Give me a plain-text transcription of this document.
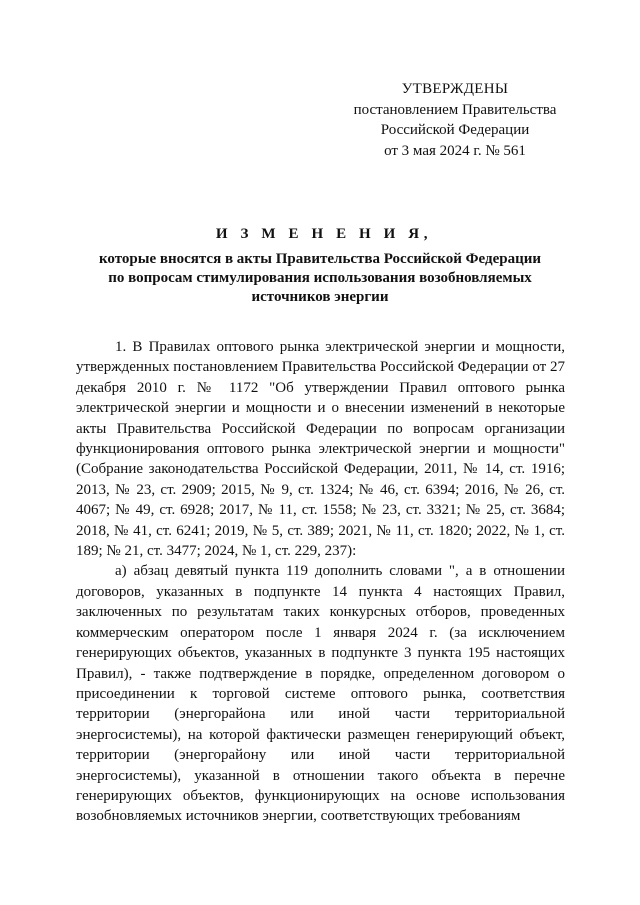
УТВЕРЖДЕНЫ
постановлением Правительства
Российской Федерации
от 3 мая 2024 г. № 561
И З М Е Н Е Н И Я,
которые вносятся в акты Правительства Российской Федерации
по вопросам стимулирования использования возобновляемых
источников энергии

1. В Правилах оптового рынка электрической энергии и мощности, утвержденных постановлением Правительства Российской Федерации от 27 декабря 2010 г. № 1172 "Об утверждении Правил оптового рынка электрической энергии и мощности и о внесении изменений в некоторые акты Правительства Российской Федерации по вопросам организации функционирования оптового рынка электрической энергии и мощности" (Собрание законодательства Российской Федерации, 2011, № 14, ст. 1916; 2013, № 23, ст. 2909; 2015, № 9, ст. 1324; № 46, ст. 6394; 2016, № 26, ст. 4067; № 49, ст. 6928; 2017, № 11, ст. 1558; № 23, ст. 3321; № 25, ст. 3684; 2018, № 41, ст. 6241; 2019, № 5, ст. 389; 2021, № 11, ст. 1820; 2022, № 1, ст. 189; № 21, ст. 3477; 2024, № 1, ст. 229, 237):

а) абзац девятый пункта 119 дополнить словами ", а в отношении договоров, указанных в подпункте 14 пункта 4 настоящих Правил, заключенных по результатам таких конкурсных отборов, проведенных коммерческим оператором после 1 января 2024 г. (за исключением генерирующих объектов, указанных в подпункте 3 пункта 195 настоящих Правил), - также подтверждение в порядке, определенном договором о присоединении к торговой системе оптового рынка, соответствия территории (энергорайона или иной части территориальной энергосистемы), на которой фактически размещен генерирующий объект, территории (энергорайону или иной части территориальной энергосистемы), указанной в отношении такого объекта в перечне генерирующих объектов, функционирующих на основе использования возобновляемых источников энергии, соответствующих требованиям
